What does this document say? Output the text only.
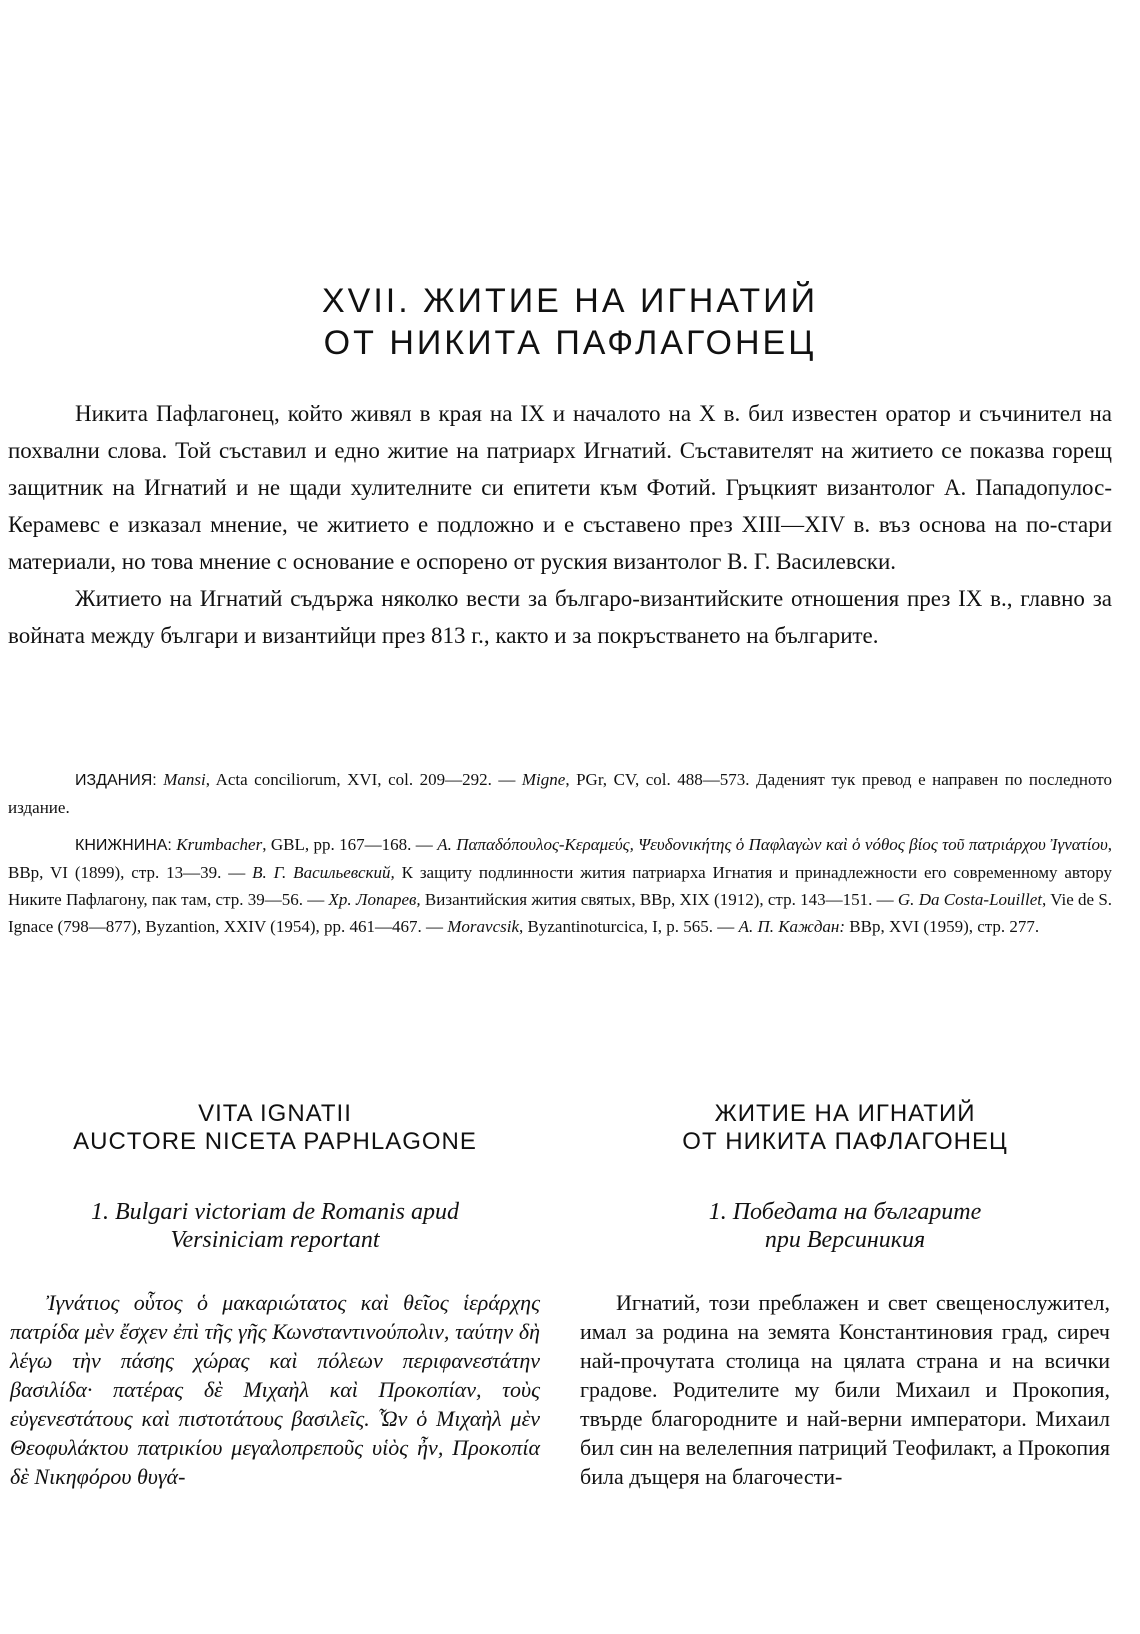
XVII. ЖИТИЕ НА ИГНАТИЙ
ОТ НИКИТА ПАФЛАГОНЕЦ

Никита Пафлагонец, който живял в края на IX и началото на X в. бил известен оратор и съчинител на похвални слова. Той съставил и едно житие на патриарх Игнатий. Съставителят на житието се показва горещ защитник на Игнатий и не щади хулителните си епитети към Фотий. Гръцкият византолог А. Пападопулос-Керамевс е изказал мнение, че житието е подложно и е съставено през XIII—XIV в. въз основа на по-стари материали, но това мнение с основание е оспорено от руския византолог В. Г. Василевски.

Житието на Игнатий съдържа няколко вести за българо-византийските отношения през IX в., главно за войната между българи и византийци през 813 г., както и за покръстването на българите.

ИЗДАНИЯ: Mansi, Acta conciliorum, XVI, col. 209—292. — Migne, PGr, CV, col. 488—573. Даденият тук превод е направен по последното издание.

КНИЖНИНА: Krumbacher, GBL, pp. 167—168. — Α. Παπαδόπουλος-Κεραμεύς, Ψευδονικήτης ὁ Παφλαγὼν καὶ ὁ νόθος βίος τοῦ πατριάρχου Ἰγνατίου, BBp, VI (1899), стр. 13—39. — В. Г. Васильевский, К защиту подлинности жития патриарха Игнатия и принадлежности его современному автору Никите Пафлагону, пак там, стр. 39—56. — Хр. Лопарев, Византийския жития святых, BBp, XIX (1912), стр. 143—151. — G. Da Costa-Louillet, Vie de S. Ignace (798—877), Byzantion, XXIV (1954), pp. 461—467. — Moravcsik, Byzantinoturcica, I, p. 565. — А. П. Каждан: BBp, XVI (1959), стр. 277.

VITA IGNATII
AUCTORE NICETA PAPHLAGONE
1. Bulgari victoriam de Romanis apud
Versiniciam reportant

Ἰγνάτιος οὗτος ὁ μακαριώτατος καὶ θεῖος ἱεράρχης πατρίδα μὲν ἔσχεν ἐπὶ τῆς γῆς Κωνσταντινούπολιν, ταύτην δὴ λέγω τὴν πάσης χώρας καὶ πόλεων περιφανεστάτην βασιλίδα· πατέρας δὲ Μιχαὴλ καὶ Προκοπίαν, τοὺς εὐγενεστάτους καὶ πιστοτάτους βασιλεῖς. Ὧν ὁ Μιχαὴλ μὲν Θεοφυλάκτου πατρικίου μεγαλοπρεποῦς υἱὸς ἦν, Προκοπία δὲ Νικηφόρου θυγά-

ЖИТИЕ НА ИГНАТИЙ
ОТ НИКИТА ПАФЛАГОНЕЦ
1. Победата на българите
при Версиникия

Игнатий, този преблажен и свет свещенослужител, имал за родина на земята Константиновия град, сиреч най-прочутата столица на цялата страна и на всички градове. Родителите му били Михаил и Прокопия, твърде благородните и най-верни императори. Михаил бил син на велелепния патриций Теофилакт, а Прокопия била дъщеря на благочести-
